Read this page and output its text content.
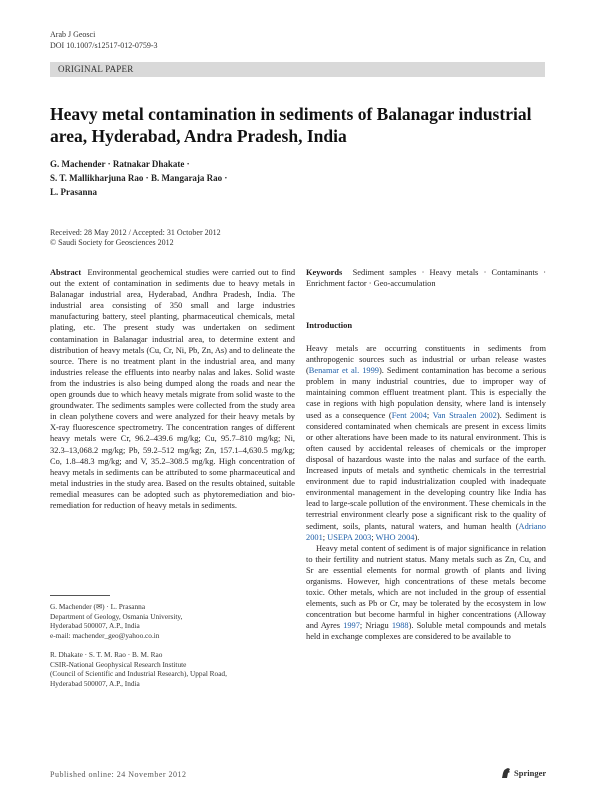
Arab J Geosci
DOI 10.1007/s12517-012-0759-3
ORIGINAL PAPER
Heavy metal contamination in sediments of Balanagar industrial area, Hyderabad, Andra Pradesh, India
G. Machender · Ratnakar Dhakate ·
S. T. Mallikharjuna Rao · B. Mangaraja Rao ·
L. Prasanna
Received: 28 May 2012 / Accepted: 31 October 2012
© Saudi Society for Geosciences 2012

Abstract Environmental geochemical studies were carried out to find out the extent of contamination in sediments due to heavy metals in Balanagar industrial area, Hyderabad, Andhra Pradesh, India. The industrial area consisting of 350 small and large industries manufacturing battery, steel planting, pharmaceutical chemicals, metal plating, etc. The present study was undertaken on sediment contamination in Balanagar industrial area, to determine extent and distribution of heavy metals (Cu, Cr, Ni, Pb, Zn, As) and to delineate the source. There is no treatment plant in the industrial area, and many industries release the effluents into nearby nalas and lakes. Solid waste from the industries is also being dumped along the roads and near the open grounds due to which heavy metals migrate from solid waste to the groundwater. The sediments samples were collected from the study area in clean polythene covers and were analyzed for their heavy metals by X-ray fluorescence spectrometry. The concentration ranges of different heavy metals were Cr, 96.2–439.6 mg/kg; Cu, 95.7–810 mg/kg; Ni, 32.3–13,068.2 mg/kg; Pb, 59.2–512 mg/kg; Zn, 157.1–4,630.5 mg/kg; Co, 1.8–48.3 mg/kg; and V, 35.2–308.5 mg/kg. High concentration of heavy metals in sediments can be attributed to some pharmaceutical and metal industries in the study area. Based on the results obtained, suitable remedial measures can be adopted such as phytoremediation and bio-remediation for reduction of heavy metals in sediments.

Keywords Sediment samples · Heavy metals · Contaminants · Enrichment factor · Geo-accumulation

Introduction

Heavy metals are occurring constituents in sediments from anthropogenic sources such as industrial or urban release wastes (Benamar et al. 1999). Sediment contamination has become a serious problem in many industrial countries, due to improper way of maintaining common effluent treatment plant. This is especially the case in regions with high population density, where land is intensely used as a consequence (Fent 2004; Van Straalen 2002). Sediment is considered contaminated when chemicals are present in excess limits or other alterations have been made to its natural environment. This is often caused by accidental releases of chemicals or the improper disposal of hazardous waste into the nalas and surface of the earth. Increased inputs of metals and synthetic chemicals in the terrestrial environment due to rapid industrialization coupled with inadequate environmental management in the developing country like India has lead to large-scale pollution of the environment. These chemicals in the terrestrial environment clearly pose a significant risk to the quality of sediment, soils, plants, natural waters, and human health (Adriano 2001; USEPA 2003; WHO 2004).

Heavy metal content of sediment is of major significance in relation to their fertility and nutrient status. Many metals such as Zn, Cu, and Sr are essential elements for normal growth of plants and living organisms. However, high concentrations of these metals become toxic. Other metals, which are not included in the group of essential elements, such as Pb or Cr, may be tolerated by the ecosystem in low concentration but become harmful in higher concentrations (Alloway and Ayres 1997; Nriagu 1988). Soluble metal compounds and metals held in exchange complexes are considered to be available to

G. Machender (✉) · L. Prasanna
Department of Geology, Osmania University,
Hyderabad 500007, A.P., India
e-mail: machender_geo@yahoo.co.in
R. Dhakate · S. T. M. Rao · B. M. Rao
CSIR-National Geophysical Research Institute
(Council of Scientific and Industrial Research), Uppal Road,
Hyderabad 500007, A.P., India
Published online: 24 November 2012	Springer
